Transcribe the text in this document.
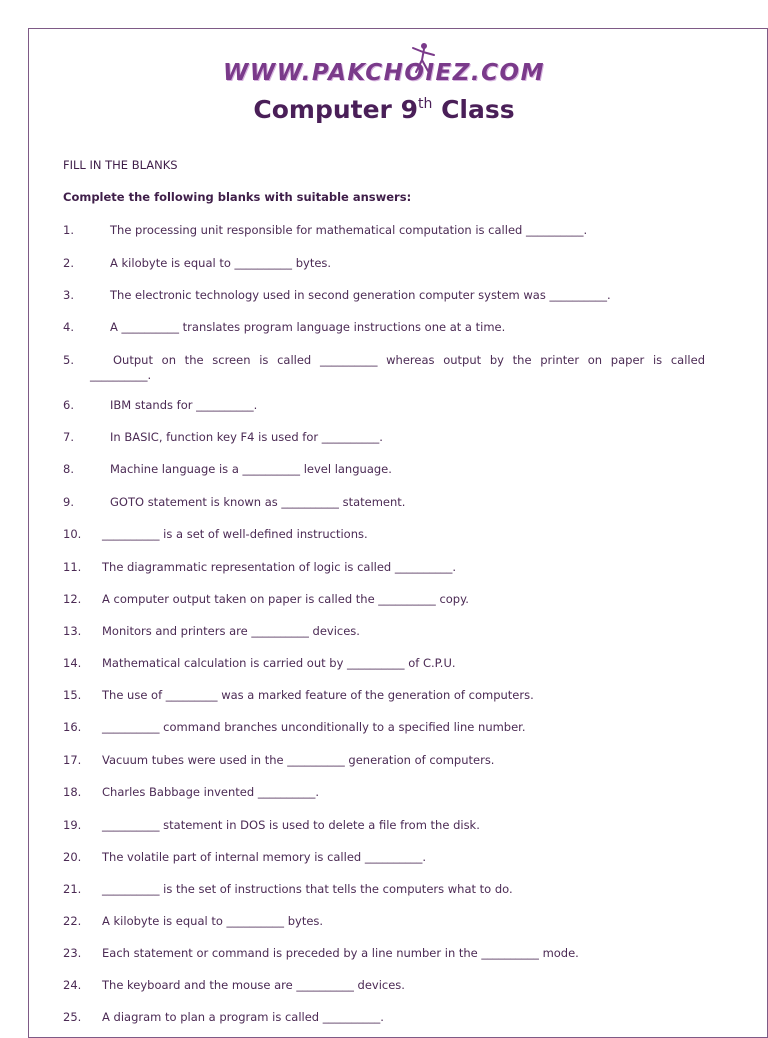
WWW.PAKCHOIEZ.COM
Computer 9th Class
FILL IN THE BLANKS
Complete the following blanks with suitable answers:
1.	The processing unit responsible for mathematical computation is called __________.
2.	A kilobyte is equal to __________ bytes.
3.	The electronic technology used in second generation computer system was __________.
4.	A __________ translates program language instructions one at a time.
5.	Output on the screen is called __________ whereas output by the printer on paper is called
__________.
6.	IBM stands for __________.
7.	In BASIC, function key F4 is used for __________.
8.	Machine language is a __________ level language.
9.	GOTO statement is known as __________ statement.
10. __________ is a set of well-defined instructions.
11. The diagrammatic representation of logic is called __________.
12. A computer output taken on paper is called the __________ copy.
13. Monitors and printers are __________ devices.
14. Mathematical calculation is carried out by __________ of C.P.U.
15. The use of _________ was a marked feature of the generation of computers.
16. __________ command branches unconditionally to a specified line number.
17. Vacuum tubes were used in the __________ generation of computers.
18. Charles Babbage invented __________.
19. __________ statement in DOS is used to delete a file from the disk.
20. The volatile part of internal memory is called __________.
21. __________ is the set of instructions that tells the computers what to do.
22. A kilobyte is equal to __________ bytes.
23. Each statement or command is preceded by a line number in the __________ mode.
24. The keyboard and the mouse are __________ devices.
25. A diagram to plan a program is called __________.
